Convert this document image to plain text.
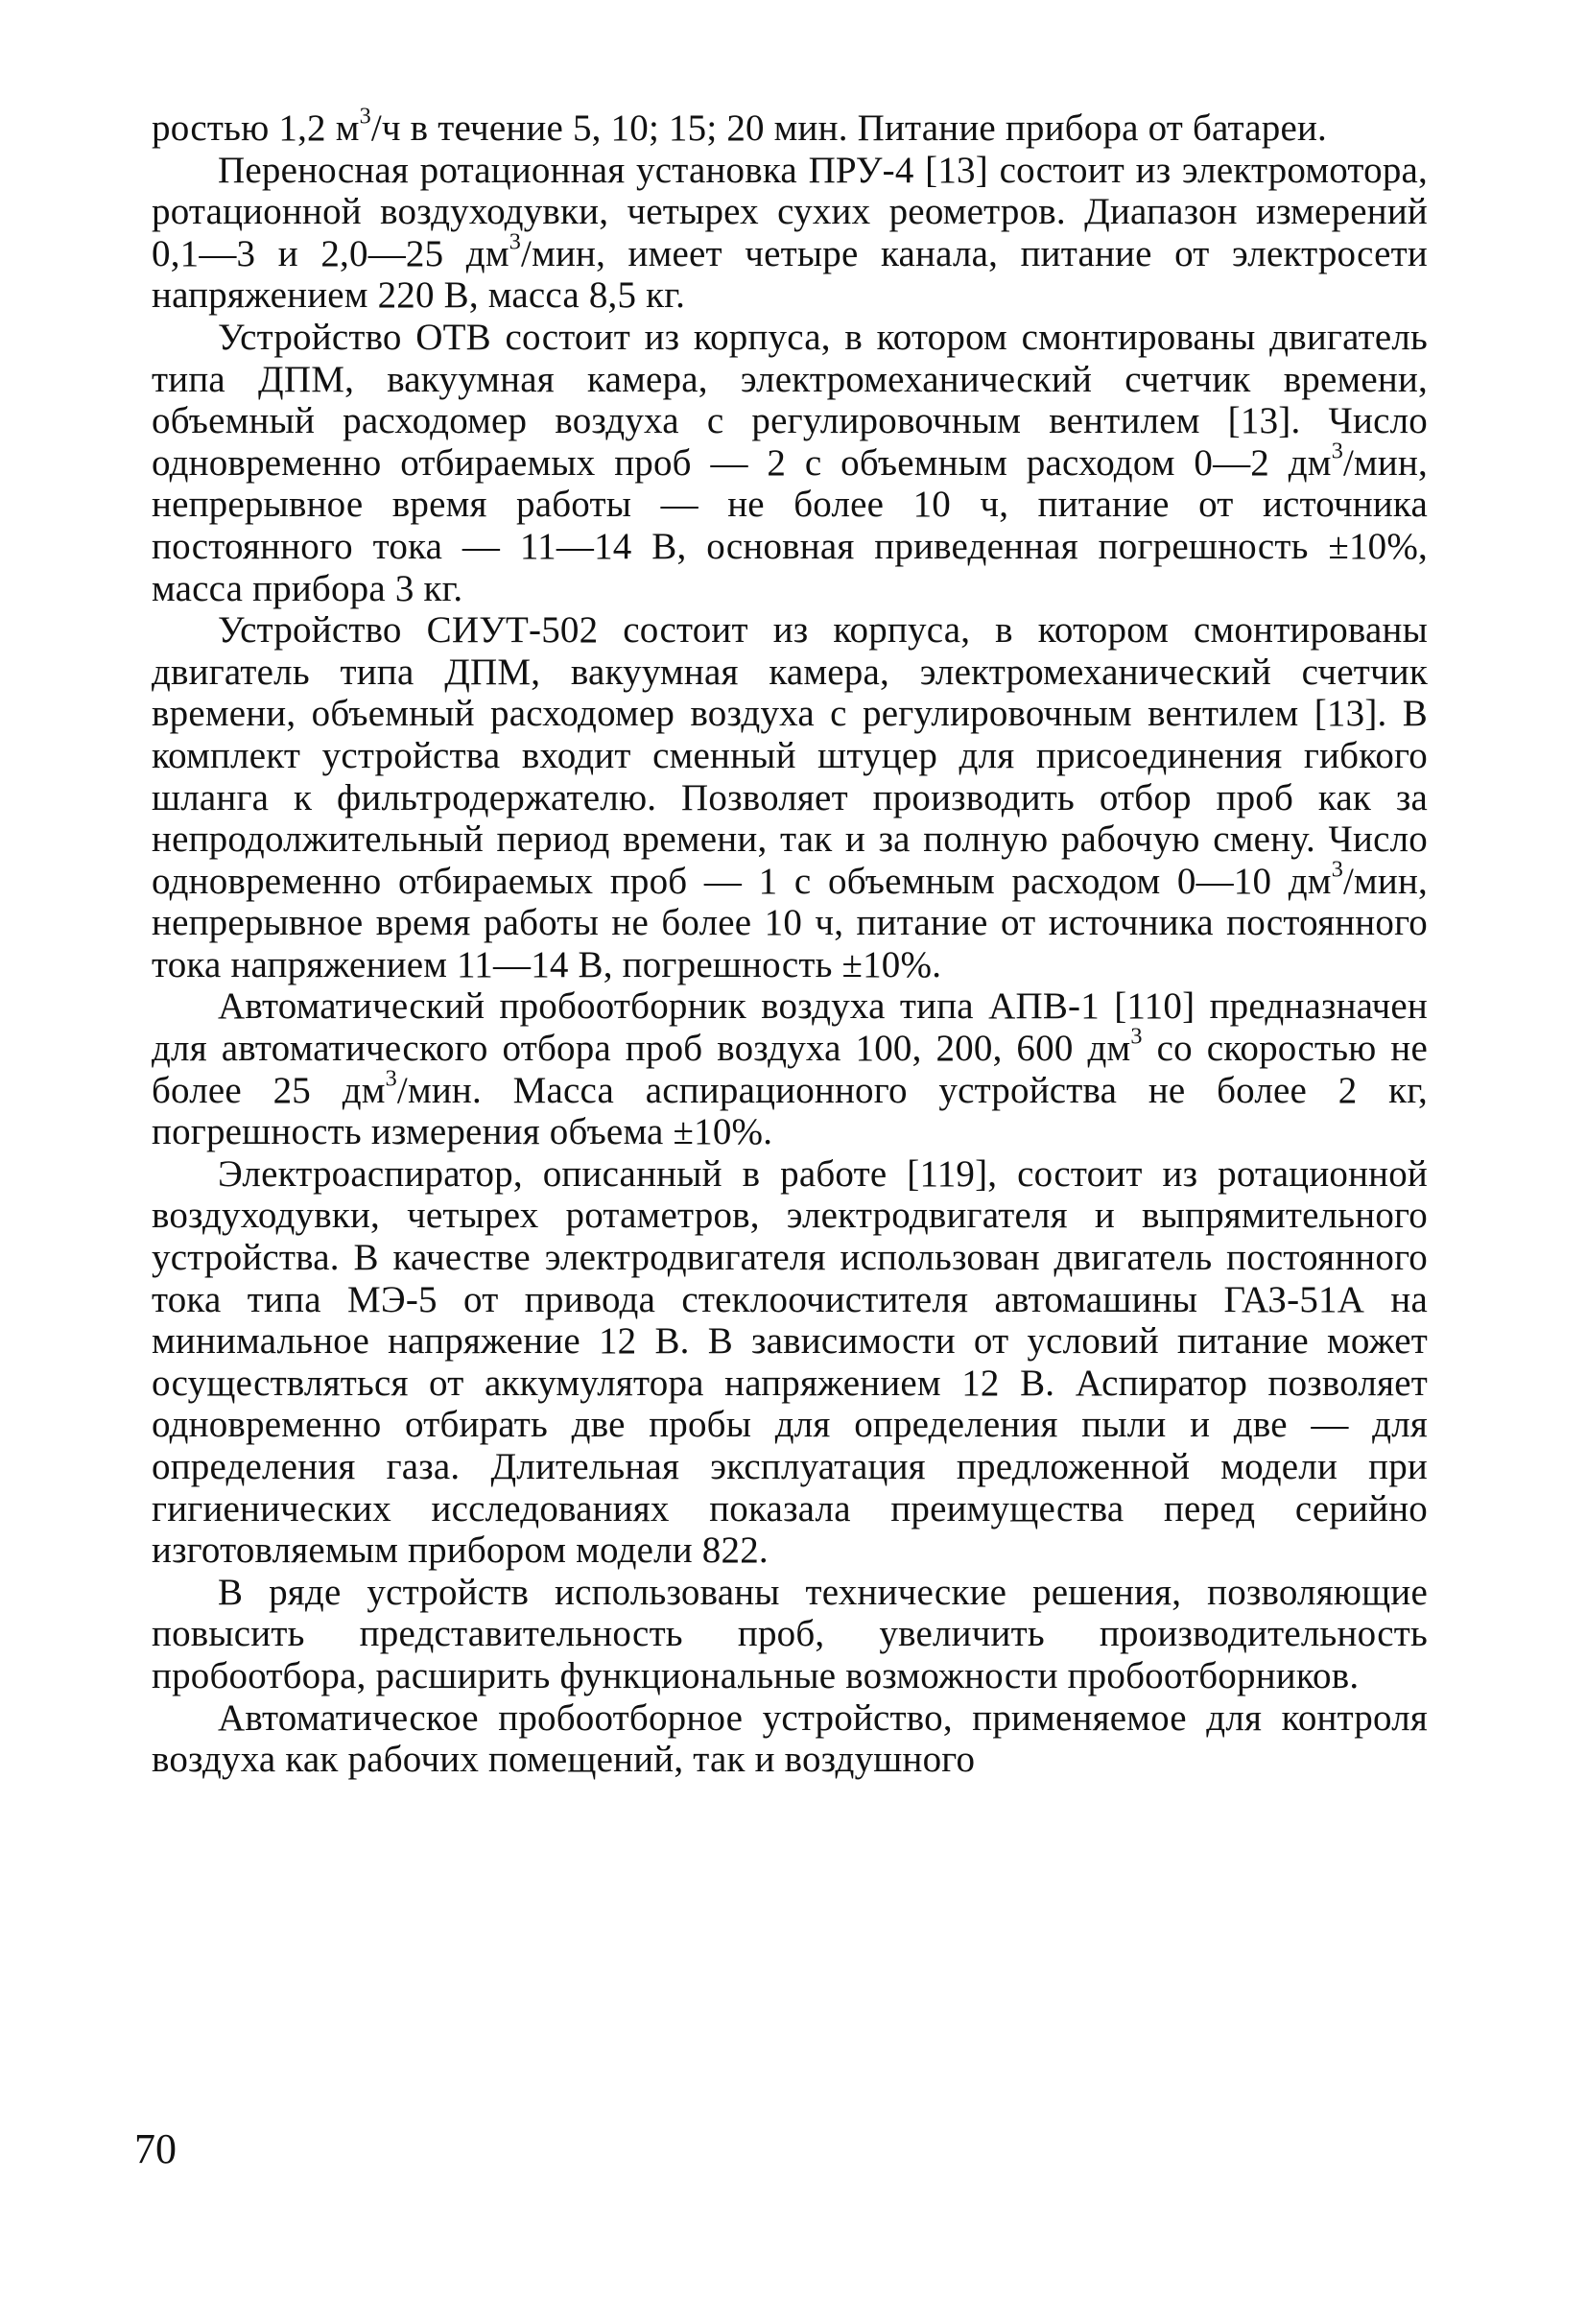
ростью 1,2 $м^3/ч$ в течение 5, 10; 15; 20 мин. Питание прибора от батареи.

Переносная ротационная установка ПРУ-4 [13] состоит из электромотора, ротационной воздуходувки, четырех сухих реометров. Диапазон измерений 0,1—3 и 2,0—25 $дм^3$/мин, имеет четыре канала, питание от электросети напряжением 220 В, масса 8,5 кг.

Устройство ОТВ состоит из корпуса, в котором смонтированы двигатель типа ДПМ, вакуумная камера, электромеханический счетчик времени, объемный расходомер воздуха с регулировочным вентилем [13]. Число одновременно отбираемых проб — 2 с объемным расходом 0—2 $дм^3$/мин, непрерывное время работы — не более 10 ч, питание от источника постоянного тока — 11—14 В, основная приведенная погрешность ±10%, масса прибора 3 кг.

Устройство СИУТ-502 состоит из корпуса, в котором смонтированы двигатель типа ДПМ, вакуумная камера, электромеханический счетчик времени, объемный расходомер воздуха с регулировочным вентилем [13]. В комплект устройства входит сменный штуцер для присоединения гибкого шланга к фильтродержателю. Позволяет производить отбор проб как за непродолжительный период времени, так и за полную рабочую смену. Число одновременно отбираемых проб — 1 с объемным расходом 0—10 $дм^3$/мин, непрерывное время работы не более 10 ч, питание от источника постоянного тока напряжением 11—14 В, погрешность ±10%.

Автоматический пробоотборник воздуха типа АПВ-1 [110] предназначен для автоматического отбора проб воздуха 100, 200, 600 $дм^3$ со скоростью не более 25 $дм^3$/мин. Масса аспирационного устройства не более 2 кг, погрешность измерения объема ±10%.

Электроаспиратор, описанный в работе [119], состоит из ротационной воздуходувки, четырех ротаметров, электродвигателя и выпрямительного устройства. В качестве электродвигателя использован двигатель постоянного тока типа МЭ-5 от привода стеклоочистителя автомашины ГАЗ-51А на минимальное напряжение 12 В. В зависимости от условий питание может осуществляться от аккумулятора напряжением 12 В. Аспиратор позволяет одновременно отбирать две пробы для определения пыли и две — для определения газа. Длительная эксплуатация предложенной модели при гигиенических исследованиях показала преимущества перед серийно изготовляемым прибором модели 822.

В ряде устройств использованы технические решения, позволяющие повысить представительность проб, увеличить производительность пробоотбора, расширить функциональные возможности пробоотборников.

Автоматическое пробоотборное устройство, применяемое для контроля воздуха как рабочих помещений, так и воздушного

70
